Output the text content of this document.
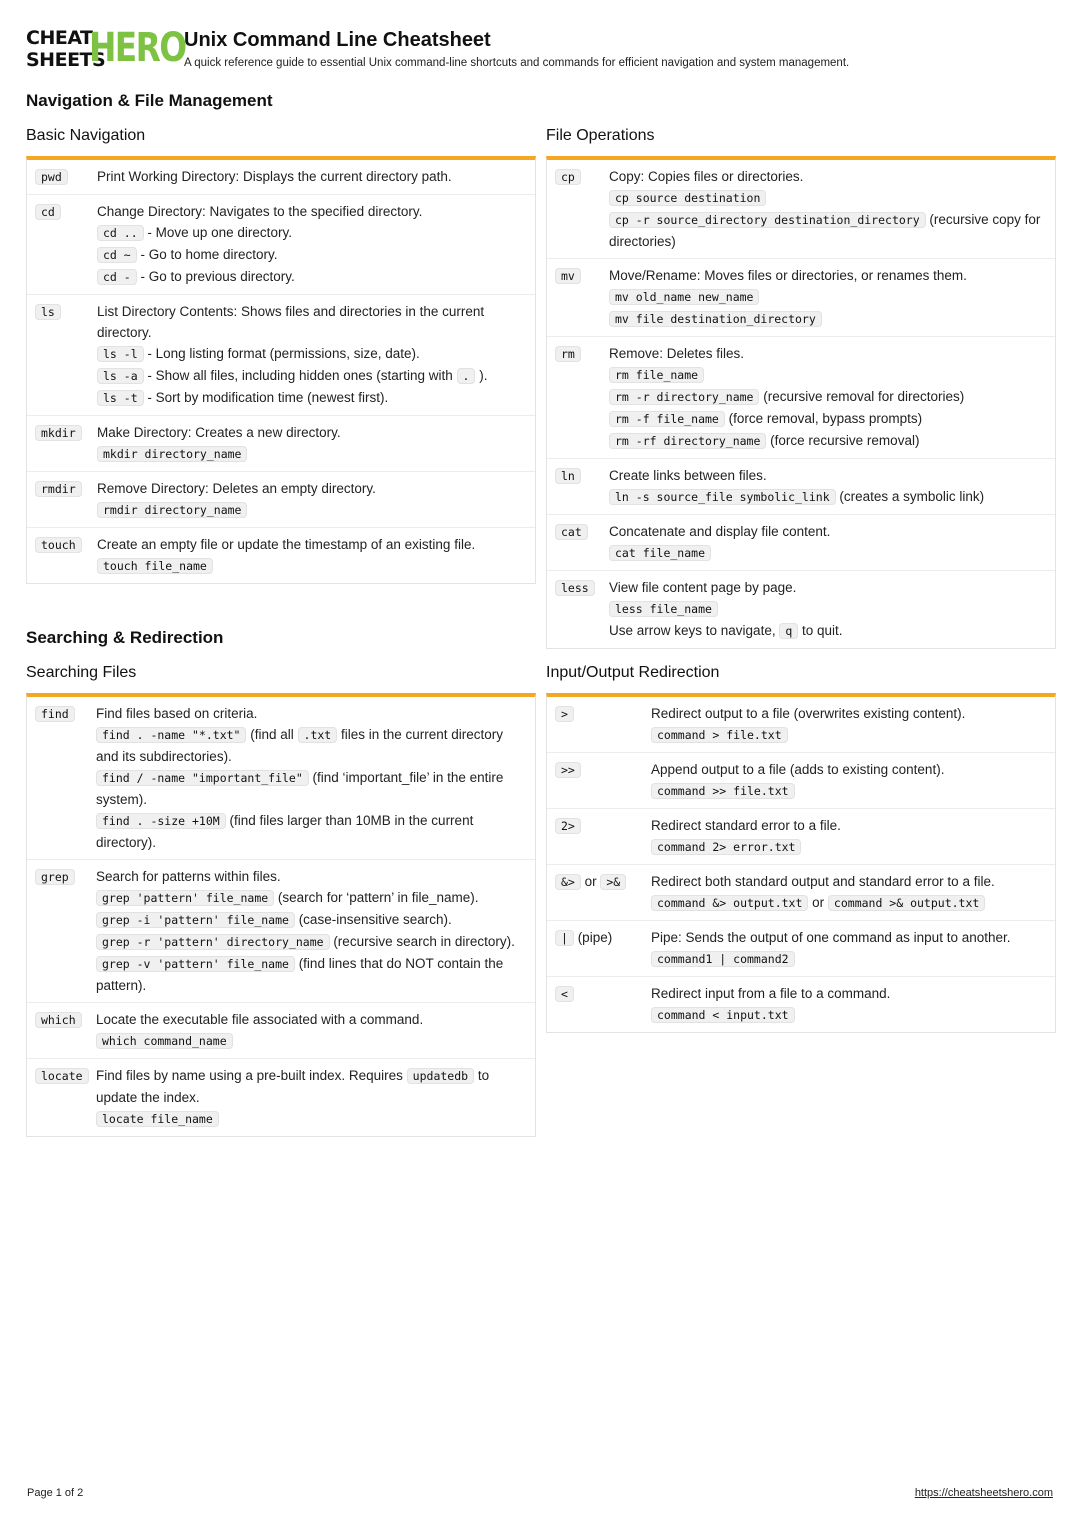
CHEAT
SHEETS
HERO
Unix Command Line Cheatsheet
A quick reference guide to essential Unix command-line shortcuts and commands for efficient navigation and system management.
Navigation & File Management
Basic Navigation	File Operations
pwd	Print Working Directory: Displays the current directory path.
cd	Change Directory: Navigates to the specified directory.
cd .. - Move up one directory.
cd ~ - Go to home directory.
cd - - Go to previous directory.
ls	List Directory Contents: Shows files and directories in the current directory.
ls -l - Long listing format (permissions, size, date).
ls -a - Show all files, including hidden ones (starting with . ).
ls -t - Sort by modification time (newest first).
mkdir	Make Directory: Creates a new directory.
mkdir directory_name
rmdir	Remove Directory: Deletes an empty directory.
rmdir directory_name
touch	Create an empty file or update the timestamp of an existing file.
touch file_name
cp	Copy: Copies files or directories.
cp source destination
cp -r source_directory destination_directory (recursive copy for directories)
mv	Move/Rename: Moves files or directories, or renames them.
mv old_name new_name
mv file destination_directory
rm	Remove: Deletes files.
rm file_name
rm -r directory_name (recursive removal for directories)
rm -f file_name (force removal, bypass prompts)
rm -rf directory_name (force recursive removal)
ln	Create links between files.
ln -s source_file symbolic_link (creates a symbolic link)
cat	Concatenate and display file content.
cat file_name
less	View file content page by page.
less file_name
Use arrow keys to navigate, q to quit.
Searching & Redirection
Searching Files	Input/Output Redirection
find	Find files based on criteria.
find . -name "*.txt" (find all .txt files in the current directory and its subdirectories).
find / -name "important_file" (find ‘important_file’ in the entire system).
find . -size +10M (find files larger than 10MB in the current directory).
grep	Search for patterns within files.
grep 'pattern' file_name (search for ‘pattern’ in file_name).
grep -i 'pattern' file_name (case-insensitive search).
grep -r 'pattern' directory_name (recursive search in directory).
grep -v 'pattern' file_name (find lines that do NOT contain the pattern).
which	Locate the executable file associated with a command.
which command_name
locate Find files by name using a pre-built index. Requires updatedb to update the index.
locate file_name
>	Redirect output to a file (overwrites existing content).
command > file.txt
>>	Append output to a file (adds to existing content).
command >> file.txt
2>	Redirect standard error to a file.
command 2> error.txt
&> or >&	Redirect both standard output and standard error to a file.
command &> output.txt or command >& output.txt
| (pipe)	Pipe: Sends the output of one command as input to another.
command1 | command2
<	Redirect input from a file to a command.
command < input.txt
Page 1 of 2	https://cheatsheetshero.com
